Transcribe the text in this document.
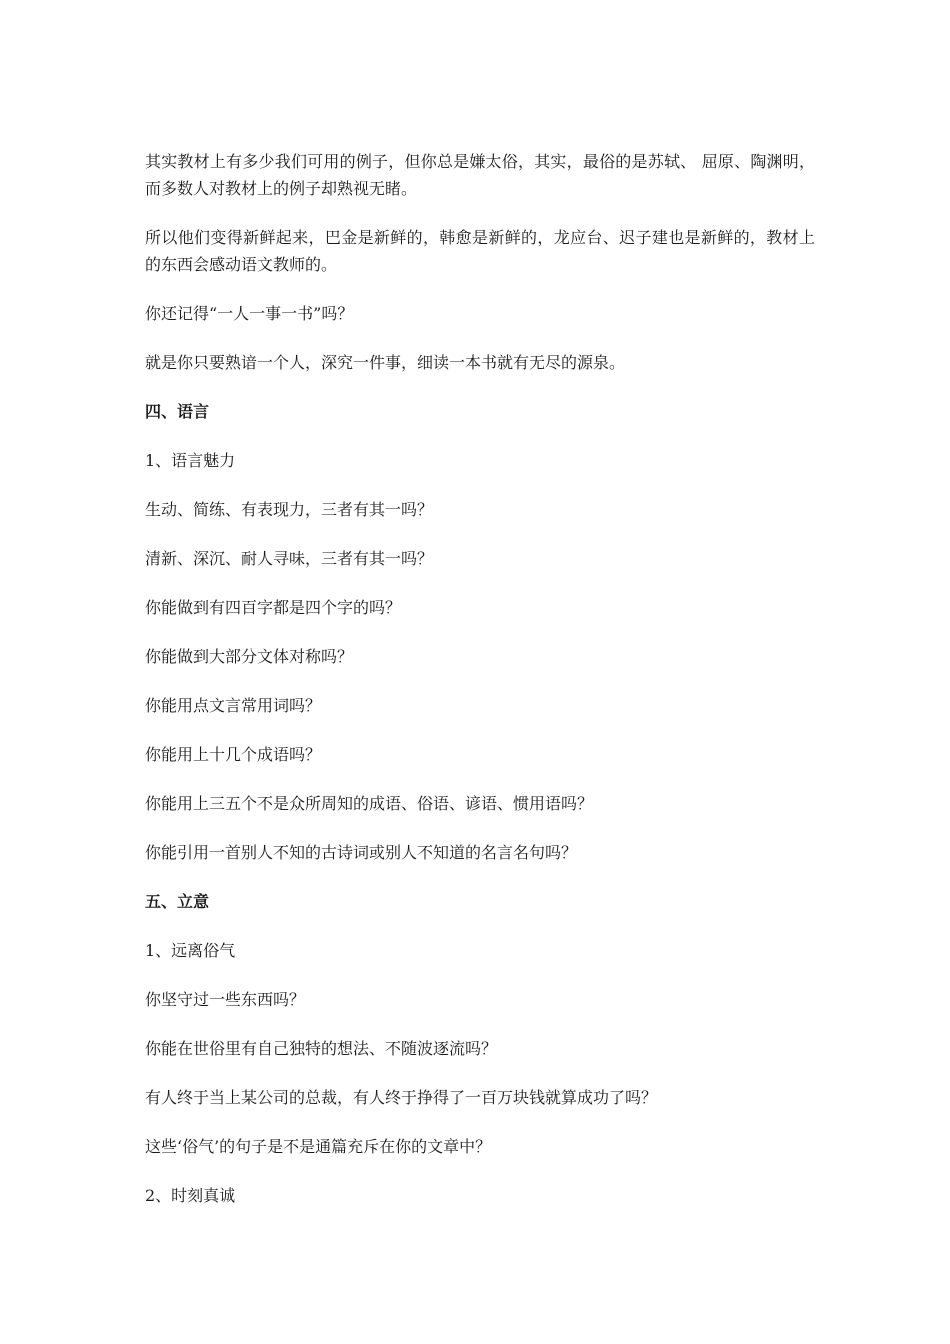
其实教材上有多少我们可用的例子，但你总是嫌太俗，其实，最俗的是苏轼、 屈原、陶渊明，而多数人对教材上的例子却熟视无睹。

所以他们变得新鲜起来，巴金是新鲜的，韩愈是新鲜的，龙应台、迟子建也是新鲜的，教材上的东西会感动语文教师的。

你还记得“一人一事一书”吗？

就是你只要熟谙一个人，深究一件事，细读一本书就有无尽的源泉。

四、语言

1、语言魅力

生动、简练、有表现力，三者有其一吗？

清新、深沉、耐人寻味，三者有其一吗？

你能做到有四百字都是四个字的吗？

你能做到大部分文体对称吗？

你能用点文言常用词吗？

你能用上十几个成语吗？

你能用上三五个不是众所周知的成语、俗语、谚语、惯用语吗？

你能引用一首别人不知的古诗词或别人不知道的名言名句吗？

五、立意

1、远离俗气

你坚守过一些东西吗？

你能在世俗里有自己独特的想法、不随波逐流吗？

有人终于当上某公司的总裁，有人终于挣得了一百万块钱就算成功了吗？

这些‘俗气’的句子是不是通篇充斥在你的文章中？

2、时刻真诚
